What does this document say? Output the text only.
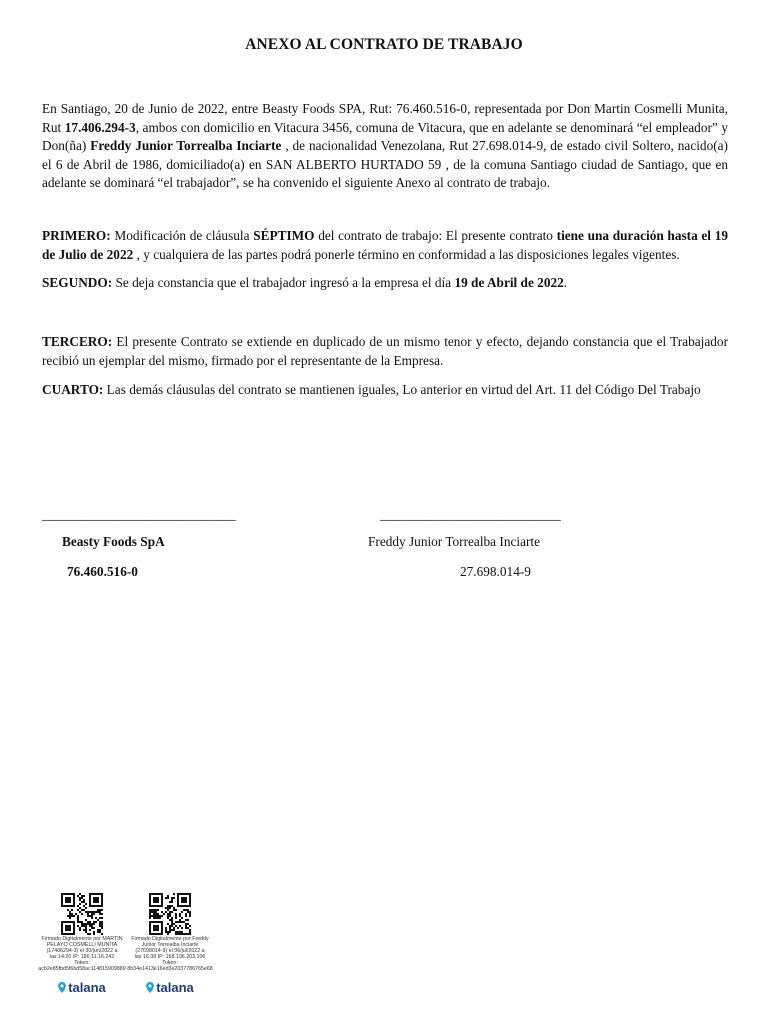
ANEXO AL CONTRATO DE TRABAJO
En Santiago, 20 de Junio de 2022, entre Beasty Foods SPA, Rut: 76.460.516-0, representada por Don Martin Cosmelli Munita, Rut 17.406.294-3, ambos con domicilio en Vitacura 3456, comuna de Vitacura, que en adelante se denominará “el empleador” y Don(ña) Freddy Junior Torrealba Inciarte , de nacionalidad Venezolana, Rut 27.698.014-9, de estado civil Soltero, nacido(a) el 6 de Abril de 1986, domiciliado(a) en SAN ALBERTO HURTADO 59 , de la comuna Santiago ciudad de Santiago, que en adelante se dominará “el trabajador”, se ha convenido el siguiente Anexo al contrato de trabajo.
PRIMERO: Modificación de cláusula SÉPTIMO del contrato de trabajo: El presente contrato tiene una duración hasta el 19 de Julio de 2022 , y cualquiera de las partes podrá ponerle término en conformidad a las disposiciones legales vigentes.
SEGUNDO: Se deja constancia que el trabajador ingresó a la empresa el día 19 de Abril de 2022.
TERCERO: El presente Contrato se extiende en duplicado de un mismo tenor y efecto, dejando constancia que el Trabajador recibió un ejemplar del mismo, firmado por el representante de la Empresa.
CUARTO: Las demás cláusulas del contrato se mantienen iguales, Lo anterior en virtud del Art. 11 del Código Del Trabajo
______________________________	____________________________
Beasty Foods SpA	Freddy Junior Torrealba Inciarte
76.460.516-0	27.698.014-9
Firmado Digitalmente por MARTIN
PELAYO COSMELLI MUNITA
(17406294-3) el 30/jun/2022 a
las 14:20 IP: 186.11.16.242
Token:
acb2e85fbd5f6bd58ac114815909889
talana
Firmado Digitalmente por Freddy
Junior Torrealba Inciarte
(27698014-9) el 06/jul/2022 a
las 16:38 IP: 168.196.203.106
Token:
8b34e1413e16ed3e2037786765e68
talana
